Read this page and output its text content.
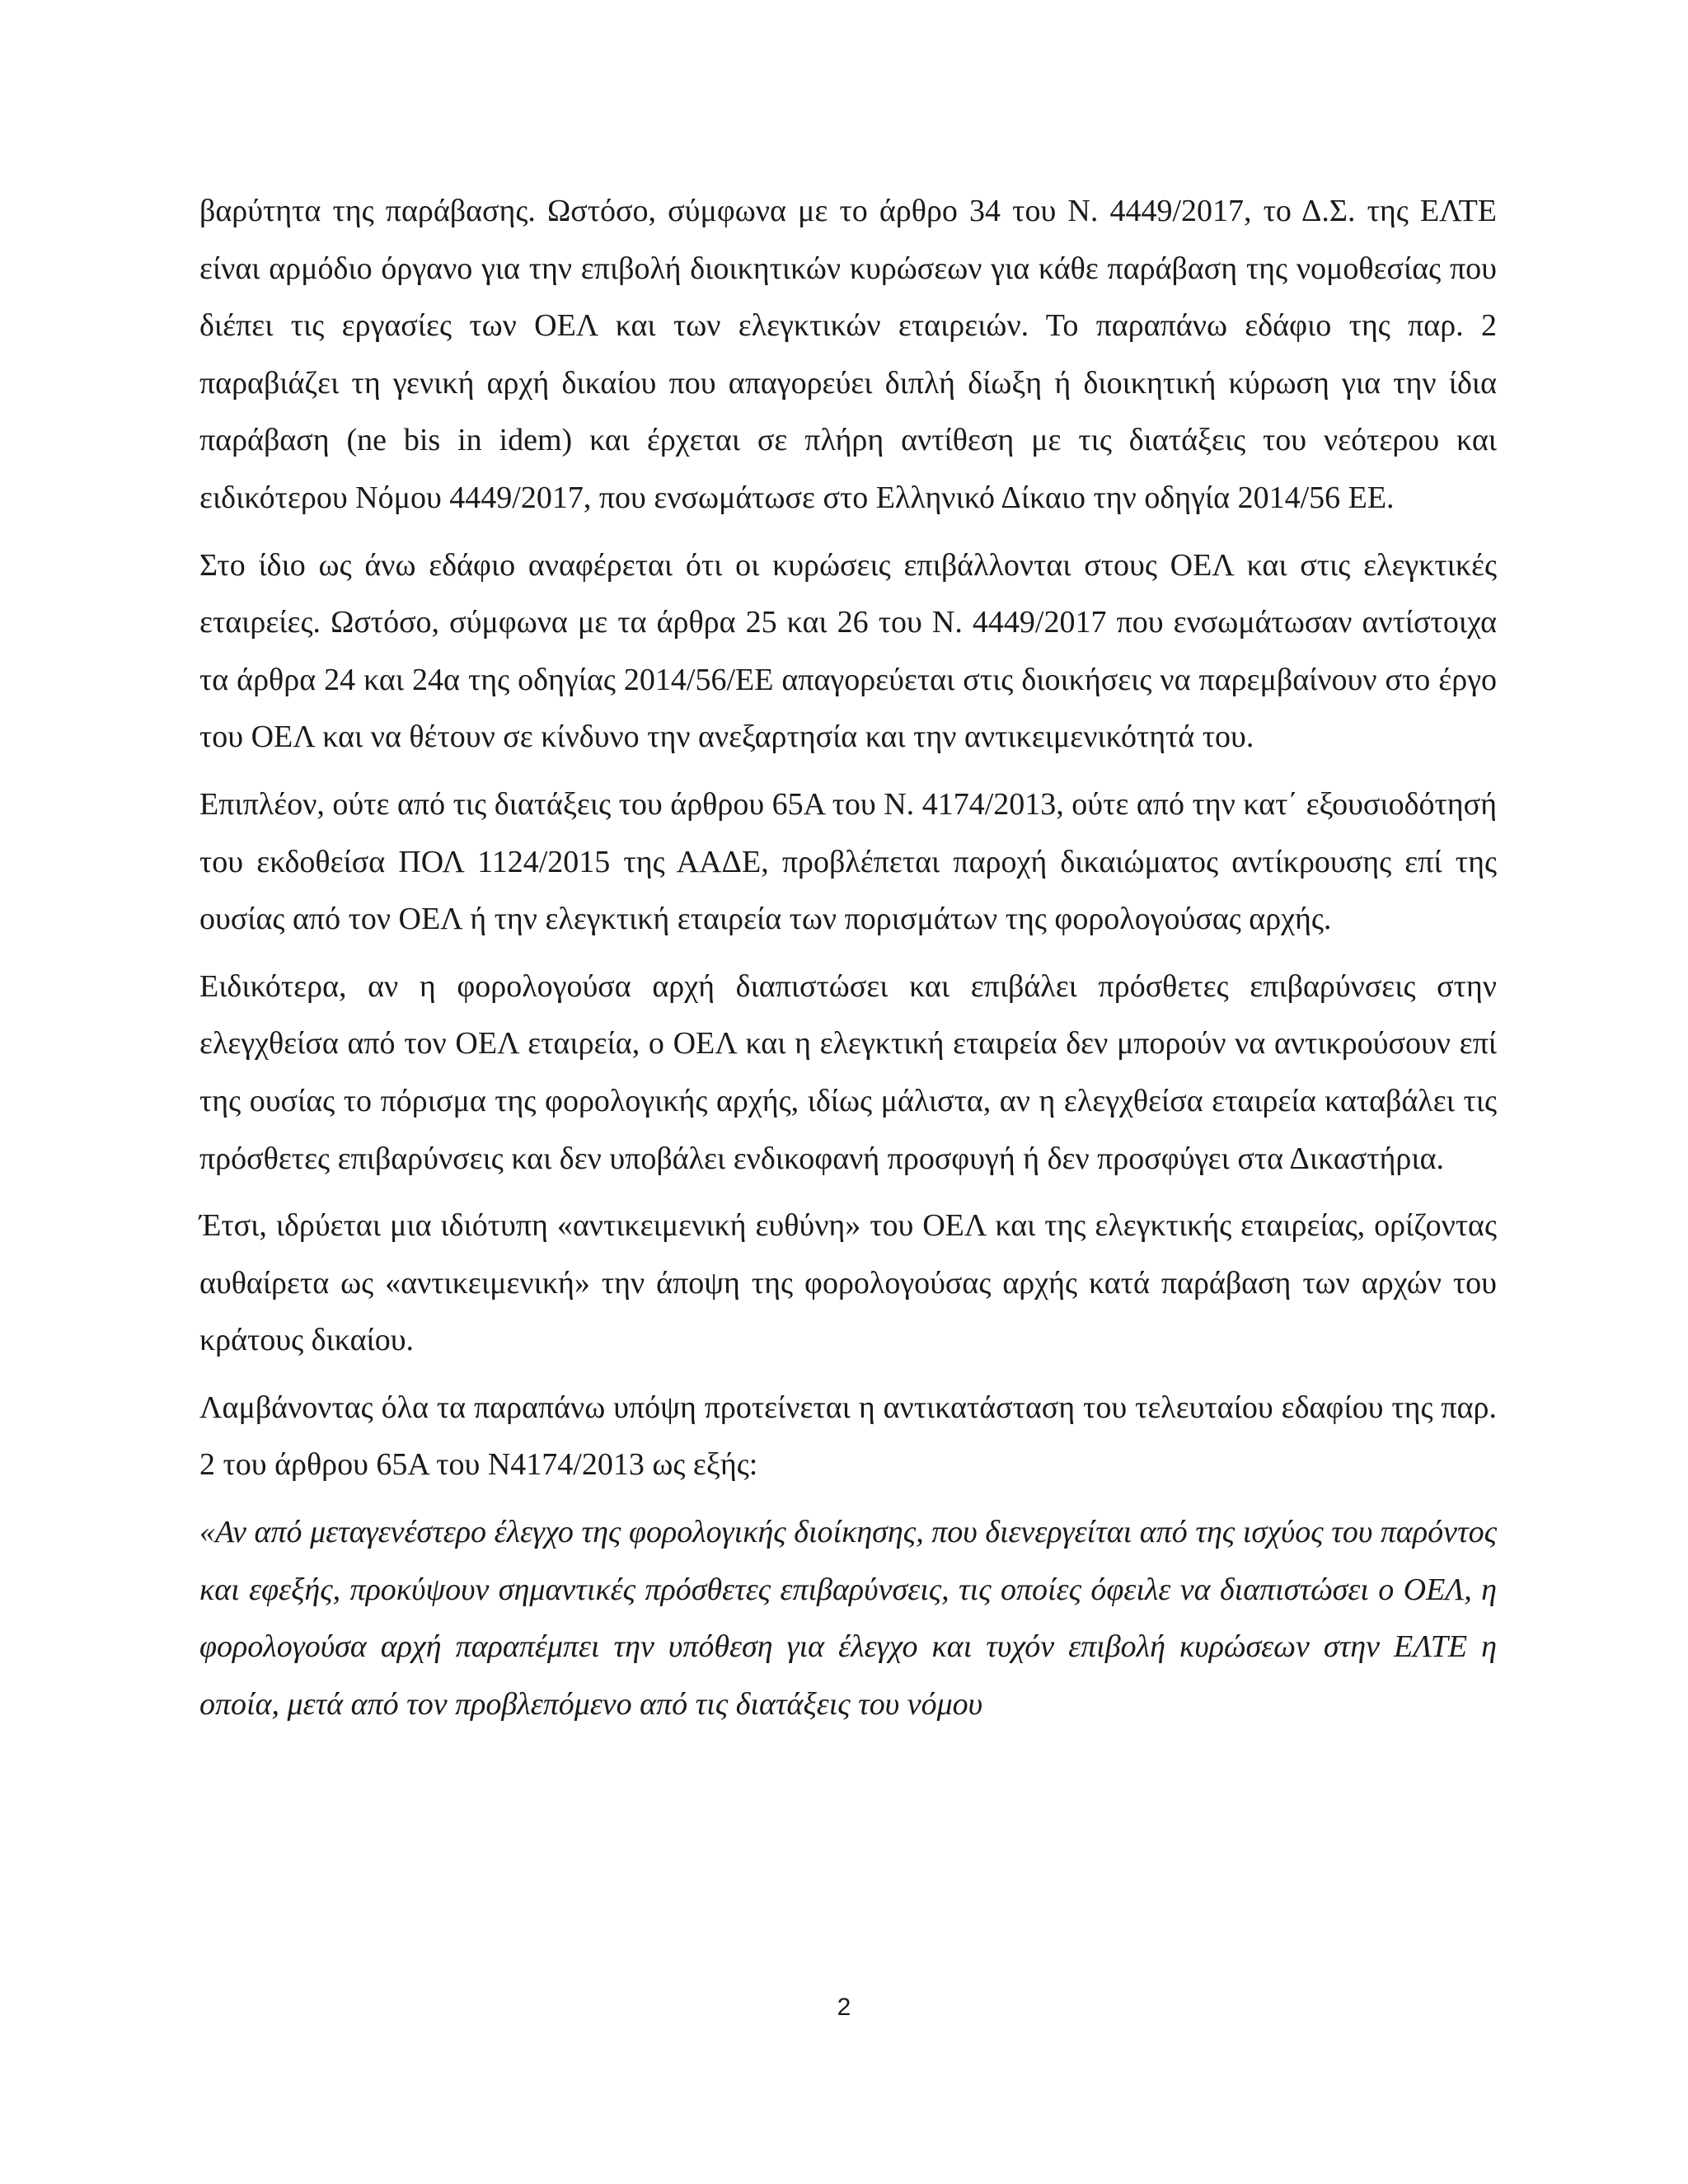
βαρύτητα της παράβασης. Ωστόσο, σύμφωνα με το άρθρο 34 του Ν. 4449/2017, το Δ.Σ. της ΕΛΤΕ είναι αρμόδιο όργανο για την επιβολή διοικητικών κυρώσεων για κάθε παράβαση της νομοθεσίας που διέπει τις εργασίες των ΟΕΛ και των ελεγκτικών εταιρειών. Το παραπάνω εδάφιο της παρ. 2 παραβιάζει τη γενική αρχή δικαίου που απαγορεύει διπλή δίωξη ή διοικητική κύρωση για την ίδια παράβαση (ne bis in idem) και έρχεται σε πλήρη αντίθεση με τις διατάξεις του νεότερου και ειδικότερου Νόμου 4449/2017, που ενσωμάτωσε στο Ελληνικό Δίκαιο την οδηγία 2014/56 ΕΕ.

Στο ίδιο ως άνω εδάφιο αναφέρεται ότι οι κυρώσεις επιβάλλονται στους ΟΕΛ και στις ελεγκτικές εταιρείες. Ωστόσο, σύμφωνα με τα άρθρα 25 και 26 του Ν. 4449/2017 που ενσωμάτωσαν αντίστοιχα τα άρθρα 24 και 24α της οδηγίας 2014/56/ΕΕ απαγορεύεται στις διοικήσεις να παρεμβαίνουν στο έργο του ΟΕΛ και να θέτουν σε κίνδυνο την ανεξαρτησία και την αντικειμενικότητά του.

Επιπλέον, ούτε από τις διατάξεις του άρθρου 65Α του Ν. 4174/2013, ούτε από την κατ΄ εξουσιοδότησή του εκδοθείσα ΠΟΛ 1124/2015 της ΑΑΔΕ, προβλέπεται παροχή δικαιώματος αντίκρουσης επί της ουσίας από τον ΟΕΛ ή την ελεγκτική εταιρεία των πορισμάτων της φορολογούσας αρχής.

Ειδικότερα, αν η φορολογούσα αρχή διαπιστώσει και επιβάλει πρόσθετες επιβαρύνσεις στην ελεγχθείσα από τον ΟΕΛ εταιρεία, ο ΟΕΛ και η ελεγκτική εταιρεία δεν μπορούν να αντικρούσουν επί της ουσίας το πόρισμα της φορολογικής αρχής, ιδίως μάλιστα, αν η ελεγχθείσα εταιρεία καταβάλει τις πρόσθετες επιβαρύνσεις και δεν υποβάλει ενδικοφανή προσφυγή ή δεν προσφύγει στα Δικαστήρια.

Έτσι, ιδρύεται μια ιδιότυπη «αντικειμενική ευθύνη» του ΟΕΛ και της ελεγκτικής εταιρείας, ορίζοντας αυθαίρετα ως «αντικειμενική» την άποψη της φορολογούσας αρχής κατά παράβαση των αρχών του κράτους δικαίου.

Λαμβάνοντας όλα τα παραπάνω υπόψη προτείνεται η αντικατάσταση του τελευταίου εδαφίου της παρ. 2 του άρθρου 65Α του Ν4174/2013 ως εξής:

«Αν από μεταγενέστερο έλεγχο της φορολογικής διοίκησης, που διενεργείται από της ισχύος του παρόντος και εφεξής, προκύψουν σημαντικές πρόσθετες επιβαρύνσεις, τις οποίες όφειλε να διαπιστώσει ο ΟΕΛ, η φορολογούσα αρχή παραπέμπει την υπόθεση για έλεγχο και τυχόν επιβολή κυρώσεων στην ΕΛΤΕ η οποία, μετά από τον προβλεπόμενο από τις διατάξεις του νόμου

2
